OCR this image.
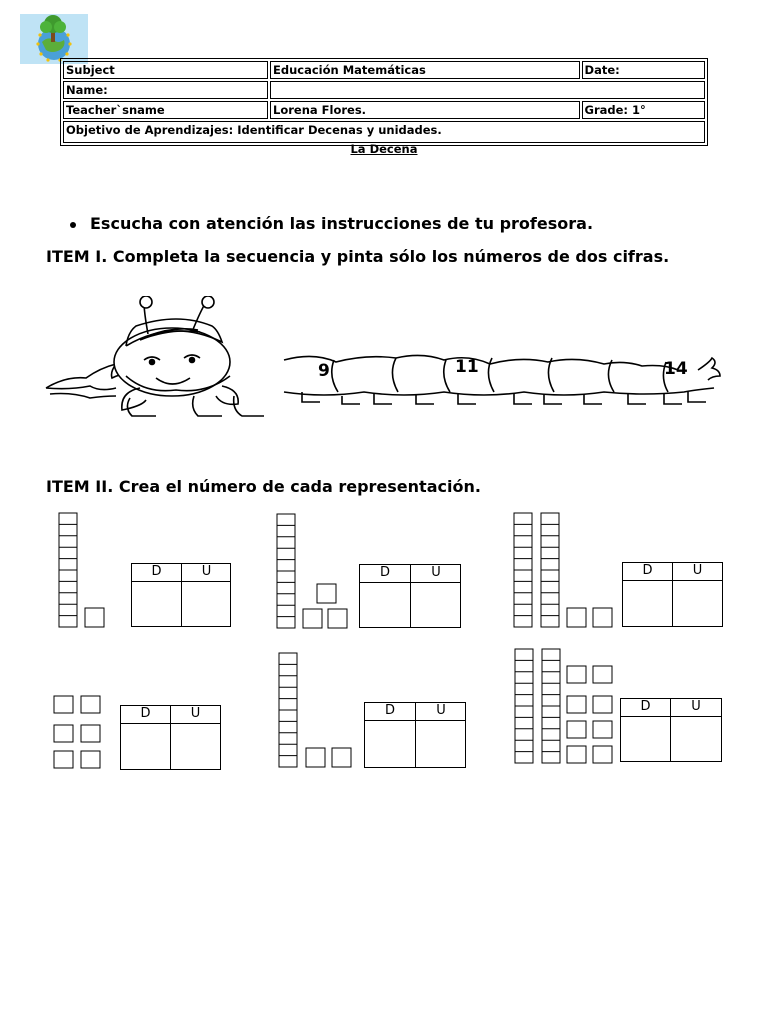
Subject	Educación Matemáticas	Date:
Name:		
Teacher`sname	Lorena Flores.	Grade: 1°
Objetivo de Aprendizajes: Identificar Decenas y unidades.		
La Decena
Escucha con atención las instrucciones de tu profesora.
ITEM I. Completa la secuencia y pinta sólo los números de dos cifras.
9	11	14
ITEM II. Crea el número de cada representación.
D	U	D	U	D	U
D	U	D	U	D	U
